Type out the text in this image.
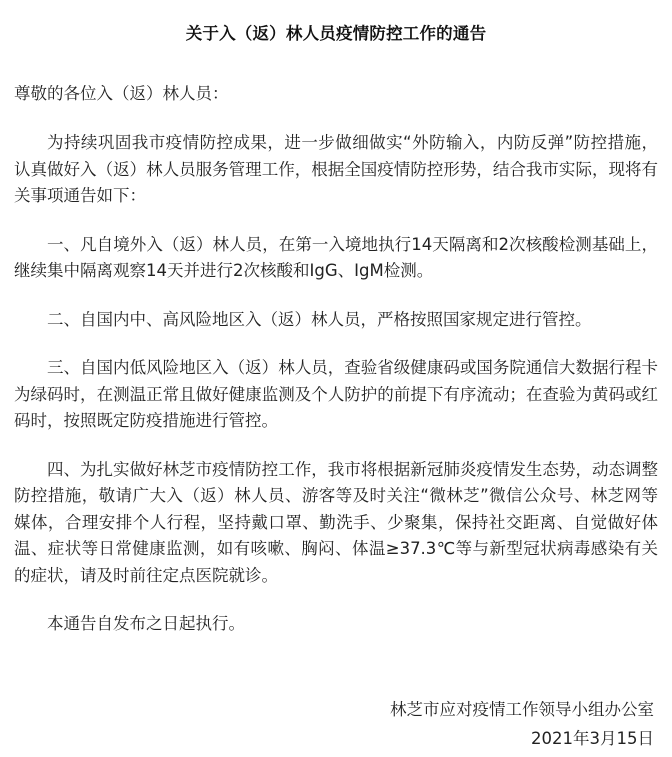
关于入（返）林人员疫情防控工作的通告
尊敬的各位入（返）林人员：

为持续巩固我市疫情防控成果，进一步做细做实“外防输入，内防反弹”防控措施，认真做好入（返）林人员服务管理工作，根据全国疫情防控形势，结合我市实际，现将有关事项通告如下：

一、凡自境外入（返）林人员，在第一入境地执行14天隔离和2次核酸检测基础上，继续集中隔离观察14天并进行2次核酸和IgG、IgM检测。

二、自国内中、高风险地区入（返）林人员，严格按照国家规定进行管控。

三、自国内低风险地区入（返）林人员，查验省级健康码或国务院通信大数据行程卡为绿码时，在测温正常且做好健康监测及个人防护的前提下有序流动；在查验为黄码或红码时，按照既定防疫措施进行管控。

四、为扎实做好林芝市疫情防控工作，我市将根据新冠肺炎疫情发生态势，动态调整防控措施，敬请广大入（返）林人员、游客等及时关注“微林芝”微信公众号、林芝网等媒体，合理安排个人行程，坚持戴口罩、勤洗手、少聚集，保持社交距离、自觉做好体温、症状等日常健康监测，如有咳嗽、胸闷、体温≥37.3℃等与新型冠状病毒感染有关的症状，请及时前往定点医院就诊。

本通告自发布之日起执行。

林芝市应对疫情工作领导小组办公室
2021年3月15日
